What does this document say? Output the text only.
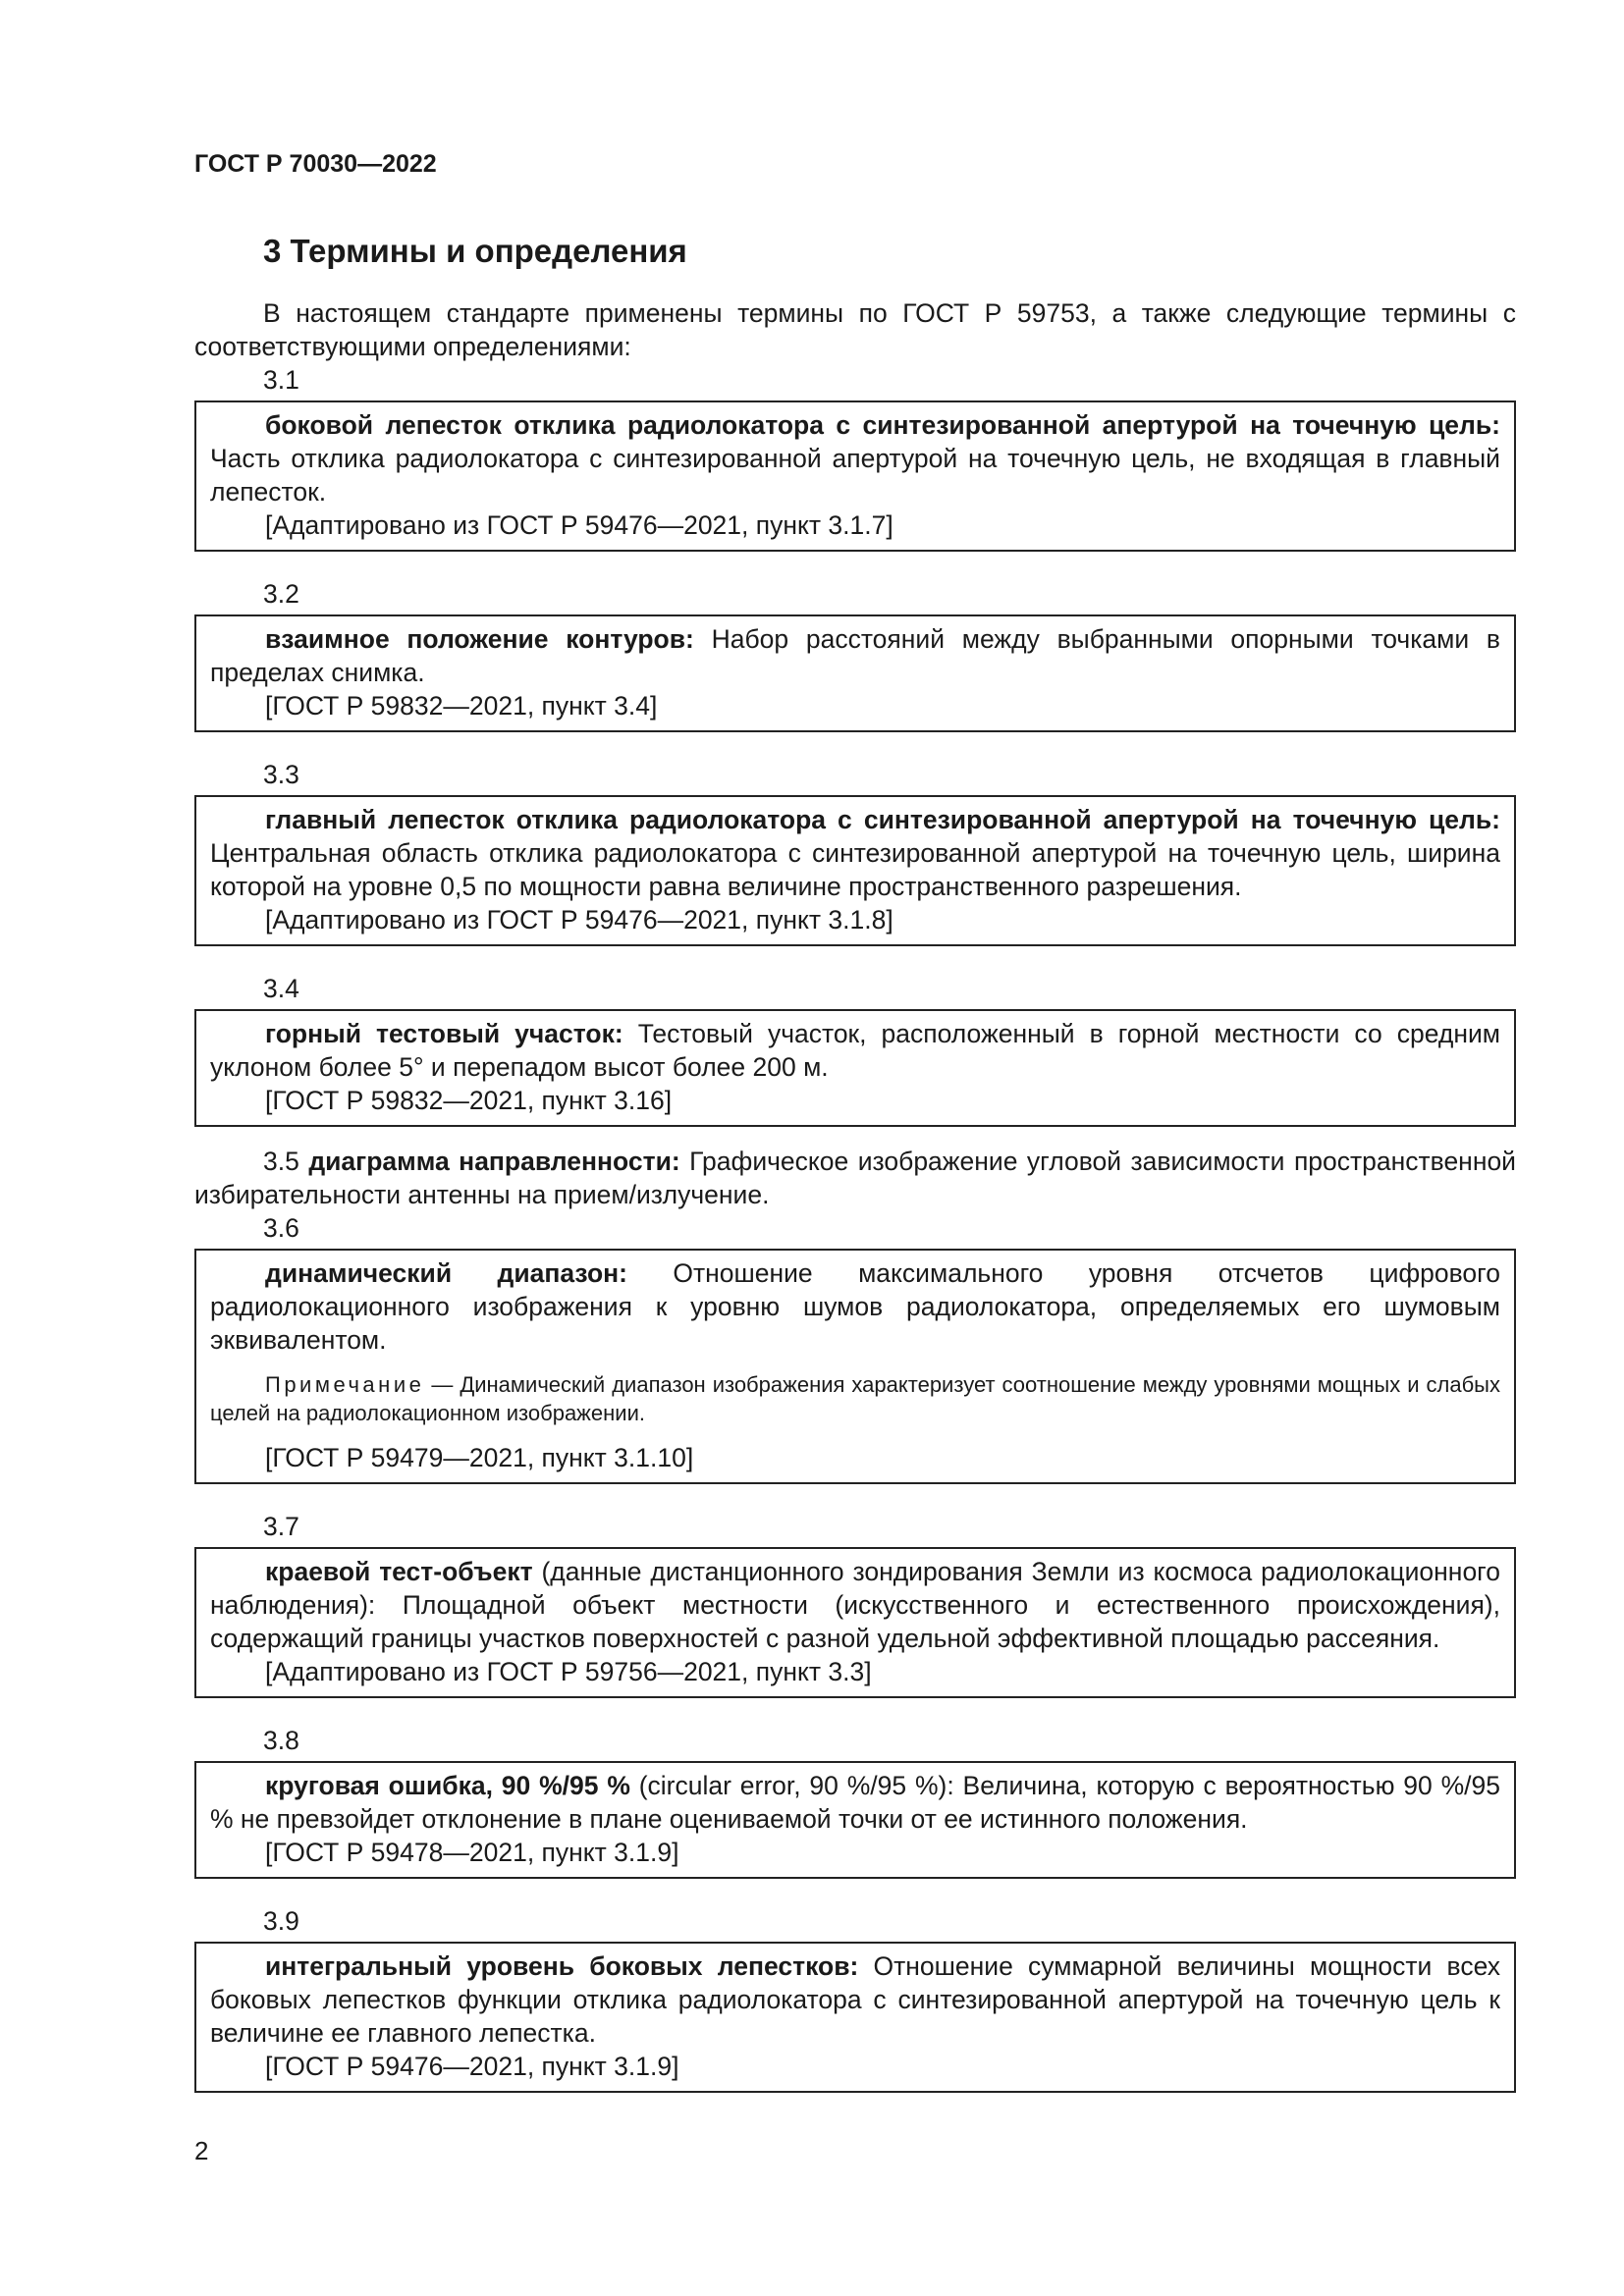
ГОСТ Р 70030—2022
3 Термины и определения

В настоящем стандарте применены термины по ГОСТ Р 59753, а также следующие термины с соответствующими определениями:

3.1

боковой лепесток отклика радиолокатора с синтезированной апертурой на точечную цель: Часть отклика радиолокатора с синтезированной апертурой на точечную цель, не входящая в главный лепесток.

[Адаптировано из ГОСТ Р 59476—2021, пункт 3.1.7]

3.2

взаимное положение контуров: Набор расстояний между выбранными опорными точками в пределах снимка.

[ГОСТ Р 59832—2021, пункт 3.4]

3.3

главный лепесток отклика радиолокатора с синтезированной апертурой на точечную цель: Центральная область отклика радиолокатора с синтезированной апертурой на точечную цель, ширина которой на уровне 0,5 по мощности равна величине пространственного разрешения.

[Адаптировано из ГОСТ Р 59476—2021, пункт 3.1.8]

3.4

горный тестовый участок: Тестовый участок, расположенный в горной местности со средним уклоном более 5° и перепадом высот более 200 м.

[ГОСТ Р 59832—2021, пункт 3.16]

3.5 диаграмма направленности: Графическое изображение угловой зависимости пространственной избирательности антенны на прием/излучение.

3.6

динамический диапазон: Отношение максимального уровня отсчетов цифрового радиолокационного изображения к уровню шумов радиолокатора, определяемых его шумовым эквивалентом.

Примечание — Динамический диапазон изображения характеризует соотношение между уровнями мощных и слабых целей на радиолокационном изображении.

[ГОСТ Р 59479—2021, пункт 3.1.10]

3.7

краевой тест-объект (данные дистанционного зондирования Земли из космоса радиолокационного наблюдения): Площадной объект местности (искусственного и естественного происхождения), содержащий границы участков поверхностей с разной удельной эффективной площадью рассеяния.

[Адаптировано из ГОСТ Р 59756—2021, пункт 3.3]

3.8

круговая ошибка, 90 %/95 % (circular error, 90 %/95 %): Величина, которую с вероятностью 90 %/95 % не превзойдет отклонение в плане оцениваемой точки от ее истинного положения.

[ГОСТ Р 59478—2021, пункт 3.1.9]

3.9

интегральный уровень боковых лепестков: Отношение суммарной величины мощности всех боковых лепестков функции отклика радиолокатора с синтезированной апертурой на точечную цель к величине ее главного лепестка.

[ГОСТ Р 59476—2021, пункт 3.1.9]

2
